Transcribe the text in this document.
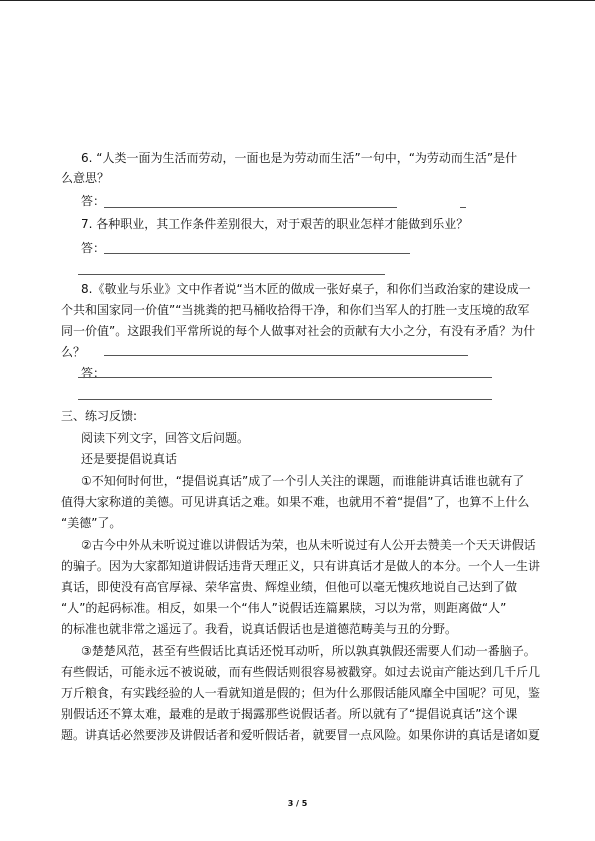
6. “人类一面为生活而劳动，一面也是为劳动而生活”一句中，“为劳动而生活”是什
么意思？
答：
7. 各种职业，其工作条件差别很大，对于艰苦的职业怎样才能做到乐业？
答：
8.《敬业与乐业》文中作者说“当木匠的做成一张好桌子，和你们当政治家的建设成一
个共和国家同一价值”“当挑粪的把马桶收拾得干净，和你们当军人的打胜一支压境的敌军
同一价值”。这跟我们平常所说的每个人做事对社会的贡献有大小之分，有没有矛盾？为什
么？
答：
三、练习反馈:
阅读下列文字，回答文后问题。
还是要提倡说真话
①不知何时何世，“提倡说真话”成了一个引人关注的课题，而谁能讲真话谁也就有了
值得大家称道的美德。可见讲真话之难。如果不难，也就用不着“提倡”了，也算不上什么
“美德”了。
②古今中外从未听说过谁以讲假话为荣，也从未听说过有人公开去赞美一个天天讲假话
的骗子。因为大家都知道讲假话违背天理正义，只有讲真话才是做人的本分。一个人一生讲
真话，即使没有高官厚禄、荣华富贵、辉煌业绩，但他可以毫无愧疚地说自己达到了做
“人”的起码标准。相反，如果一个“伟人”说假话连篇累牍，习以为常，则距离做“人”
的标准也就非常之遥远了。我看，说真话假话也是道德范畴美与丑的分野。
③楚楚风范，甚至有些假话比真话还悦耳动听，所以孰真孰假还需要人们动一番脑子。
有些假话，可能永远不被说破，而有些假话则很容易被戳穿。如过去说亩产能达到几千斤几
万斤粮食，有实践经验的人一看就知道是假的；但为什么那假话能风靡全中国呢？可见，鉴
别假话还不算太难，最难的是敢于揭露那些说假话者。所以就有了“提倡说真话”这个课
题。讲真话必然要涉及讲假话者和爱听假话者，就要冒一点风险。如果你讲的真话是诸如夏
3 / 5
